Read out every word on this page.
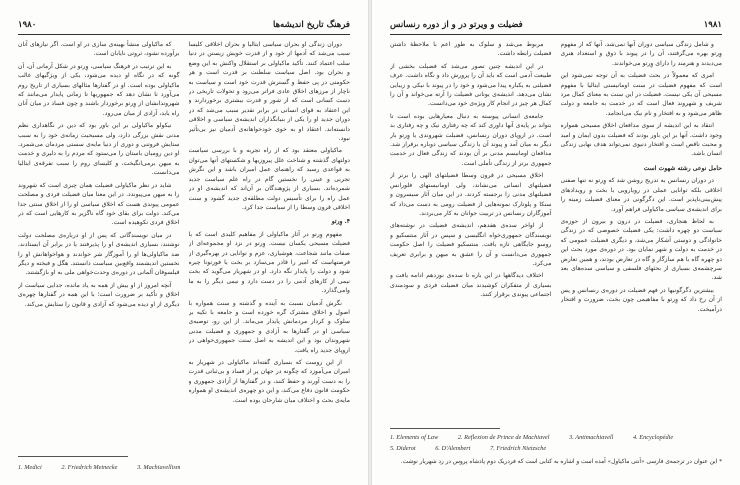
۱۹۸۰	فرهنگ تاریخ اندیشه‌ها

دوران زندگی او بحران سیاسی ایتالیا و بحران اخلاقی کلیسا سبب می‌شد که آدمها از خود و از قدرت خویش زیستن در دنیا سلب اعتماد کنند. تأکید ماکیاولی بر استقلال واکنش به این وضع و بحران بود. اصل سیاست سلطنت بر قدرت است و هر حکومتی در پی حفظ و گسترش قدرت خود است و سیاست به ناچار از مرزهای اخلاق عادی فراتر می‌رود و تحولات تاریخی در دست کسانی است که از شور و قدرت بیشتری برخوردارند و این اعتقاد به قوای انسانی در برابر تقدیر سبب می‌شد که در دوران جدید او را یکی از بنیانگذاران اندیشه‌ی سیاسی و اخلاقی دانسته‌اند. اعتقاد او به خوی خودخواهانه‌ی آدمیان نیز بی‌تأثیر نبود.

ماکیاولی معتقد بود که از راه تجربه و با بررسی سیاست دولتهای گذشته و شناخت علل پیروزیها و شکستهای آنها می‌توان به قواعدی رسید که راهنمای عمل امیران باشد و این نگرش تجربی و عینی را نخستین گام در راه علم سیاست جدید شمرده‌اند. بسیاری از پژوهندگان بر آن‌اند که اندیشه‌ی او در عمل راه را برای تأسیس دولت مطلقه‌ی جدید گشود و سنت اخلاقی قرون وسطا را از سیاست جدا کرد.

۴. وِرتو

مفهوم وِرتو در آثار ماکیاولی از مفاهیم کلیدی است که با فضیلت مسیحی یکسان نیست. وِرتو در نزد او مجموعه‌ای از صفات مانند شجاعت، هوشیاری، عزم و توانایی در بهره‌گیری از فرصتهاست که امیر را قادر می‌سازد بر بخت یا فورتونا چیره شود و دولت را پایدار نگه دارد. او در شهریار می‌گوید که بخت نیمی از کارهای آدمی را در دست دارد و نیمی دیگر را به ما وامی‌گذارد.

نگرش آدمیان نسبت به آینده و گذشته و سنت همواره با اصول و اخلاق مشترک گره خورده است و جامعه با تکیه بر سلوک و کردار مردمانش پایدار می‌ماند. از این رو، توصیه‌ی سیاسی او در گفتارها به آزادی و جمهوری و فضیلت مدنی شهروندان بود و این اندیشه به اصل سنت جمهوری‌خواهی در اروپای جدید راه یافت.

از این روست که بسیاری گفته‌اند ماکیاولی در شهریار به امیران می‌آموزد که چگونه در جهان پر از فساد و بی‌ثباتی قدرت را به دست آورند و حفظ کنند، و در گفتارها از آزادی جمهوری و حکومت قانون دفاع می‌کند، و این دو چهره‌ی اندیشه‌ی او همواره مایه‌ی بحث و اختلاف میان شارحان بوده است.

که ماکیاولی منشأ بهینه‌ی سازی در او است. اگر نیازهای آنان برآورده نشود، ثروتی نایابان است.

به این ترتیب در فرهنگ سیاسی، وِرتو در شکل آرمانی آن، آن گونه که در نگاه او دیده می‌شود، یکی از ویژگیهای غالب ماکیاولی بوده است. او در گفتارها مثالهای بسیاری از تاریخ روم می‌آورد تا نشان دهد که جمهوریها تا زمانی پایدار می‌مانند که شهروندانشان از وِرتو برخوردار باشند و چون فساد در میان آنان راه یابد، آزادی از میان می‌رود.

نیکولو ماکیاولی بر این باور بود که دین در نگاهداری نظم مدنی نقش بزرگی دارد، ولی مسیحیت زمانه‌ی خود را به سبب ستایش فروتنی و دوری از دنیا مایه‌ی سستی مردمان می‌شمرد. او دین رومیان باستان را می‌ستود که مردم را به دلیری و خدمت به میهن برمی‌انگیخت، و کلیسای روم را سبب تفرقه‌ی ایتالیا می‌دانست.

شاید در نظر ماکیاولی فضیلت همان چیزی است که شهروند را به میهن می‌پیوندد. در این معنا میان فضیلت فردی و مصلحت عمومی پیوندی هست که اخلاق سیاسی او را از اخلاق سنتی جدا می‌کند. دولت برای بقای خود گاه ناگزیر به کارهایی است که در اخلاق فردی نکوهیده است.

در میان نویسندگانی که پس از او درباره‌ی مصلحت دولت نوشتند، بسیاری اندیشه‌ی او را پذیرفتند یا در برابر آن ایستادند. ضد ماکیاولی‌ها او را آموزگار شر خواندند و هواخواهانش او را نخستین اندیشمند واقع‌بین سیاست دانستند. هگل و فیخته و دیگر فیلسوفان آلمانی در دوره‌ی وحدت‌خواهی ملی به او بازگشتند.

آنچه امروز از او بیش از همه به یاد مانده، جدایی سیاست از اخلاق و تأکید بر ضرورت است؛ با این همه در گفتارها چهره‌ی دیگری از او دیده می‌شود که آزادی و قانون را ستایش می‌کند.

1. Medici	2. Friedrich Meinecke	3. Machiavellism
فضیلت و ویرتو در و از دوره رنسانس	۱۹۸۱

و شامل زندگی سیاسی دوران آنها نمی‌شد. آنها که از مفهوم وِرتو بهره می‌گرفتند، آن را در پیوند با ذوق و استعداد هنری می‌دیدند و هنرمند را دارای وِرتو می‌خواندند.

امری که معمولاً در بحث فضیلت به آن توجه نمی‌شود این است که مفهوم فضیلت در سنت اومانیستی ایتالیا با مفهوم مسیحی آن یکی نیست. فضیلت در این سنت به معنای کمال مرد شریف و شهروند فعال است که در خدمت به جامعه و دولت ظاهر می‌شود و به افتخار و نام نیک می‌انجامد.

انتقاد به این اندیشه از سوی مدافعان اخلاق مسیحی همواره وجود داشت. آنها بر این باور بودند که فضیلت بدون ایمان و امید و محبت ناقص است و افتخار دنیوی نمی‌تواند هدف نهایی زندگی انسان باشد.

حامل نوعی رشته شهوت است

در دوران رنسانس به تدریج روشن شد که وِرتو نه تنها صفتی اخلاقی بلکه توانایی عملی در رویارویی با بخت و رویدادهای پیش‌بینی‌ناپذیر است. این دگرگونی در معنای فضیلت زمینه را برای اندیشه‌ی سیاسی ماکیاولی فراهم آورد.

به لحاظ هنجاری، فضیلت در درون و بیرون از حوزه‌ی سیاست دو چهره داشت: یکی فضیلت خصوصی که در زندگی خانوادگی و دوستی آشکار می‌شد، و دیگری فضیلت عمومی که در خدمت به دولت و شهر نمایان بود. در دوره‌ی مورد بحث این دو چهره گاه با هم سازگار و گاه در تعارض بودند، و همین تعارض سرچشمه‌ی بسیاری از بحثهای فلسفی و سیاسی سده‌های بعد شد.

بیشترین دگرگونیها در فهم فضیلت در دوره‌ی رنسانس و پس از آن رخ داد که وِرتو با مفاهیمی چون بخت، ضرورت و افتخار درآمیخت.

مربوط می‌شد و سلوک به طور اعم با ملاحظهٔ داشتن فضیلت رابطه داشت.

در این اندیشه چنین تصور می‌شد که فضیلت بخشی از طبیعت آدمی است که باید آن را پرورش داد و نگاه داشت. عرف فضیلتی به یکباره پیدا می‌شود و خود را در پیوند با نیکی و زیبایی نشان می‌دهد. اندیشه‌ی یونانی فضیلت را آرته می‌خواند و آن را کمال هر چیز در انجام کار ویژه‌ی خود می‌دانست.

جامعه‌ی انسانی پیوسته به دنبال معیارهایی بوده است تا بتواند بر پایه‌ی آنها داوری کند که چه رفتاری نیک و چه رفتاری بد است. در اروپای دوران رنسانس، فضیلت شهروندی یا وِرتو بار دیگر به میان آمد و پیوند آن با زندگی سیاسی دوباره برقرار شد. مدافعان اومانیسم مدنی بر آن بودند که زندگی فعال در خدمت جمهوری برتر از زندگی تأملی است.

اخلاق مسیحی در قرون وسطا فضیلتهای الهی را برتر از فضیلتهای انسانی می‌نشاند، ولی اومانیستهای فلورانس فضیلتهای مدنی را برجسته کردند. در این میان آثار سیسرون و سنکا و پلوتارک نمونه‌هایی از فضیلت رومی به دست می‌داد که آموزگاران رنسانس در تربیت جوانان به کار می‌بردند.

از اواخر سده‌ی هفدهم، اندیشه‌ی فضیلت در نوشته‌های نویسندگان جمهوری‌خواه انگلیسی و سپس در آثار منتسکیو و روسو جایگاهی تازه یافت. منتسکیو فضیلت را اصل حکومت جمهوری می‌دانست و آن را عشق به میهن و برابری تعریف می‌کرد.

اختلاف دیدگاهها در این باره تا سده‌ی نوزدهم ادامه یافت و بسیاری از متفکران کوشیدند میان فضیلت فردی و سودمندی اجتماعی پیوندی برقرار کنند.

1. Elements of Law	2. Reflexion de Prince de Machiavel	3. Antimachiavell	4. Encyclopédie
5. Diderot	6. D'Alembert	7. Friedrich Nietzsche
* این عنوان در ترجمه‌ی فارسی «اَنتی ماکیاول» آمده است و اشاره به کتابی است که فردریک دوم پادشاه پروس در رد شهریار نوشت.
